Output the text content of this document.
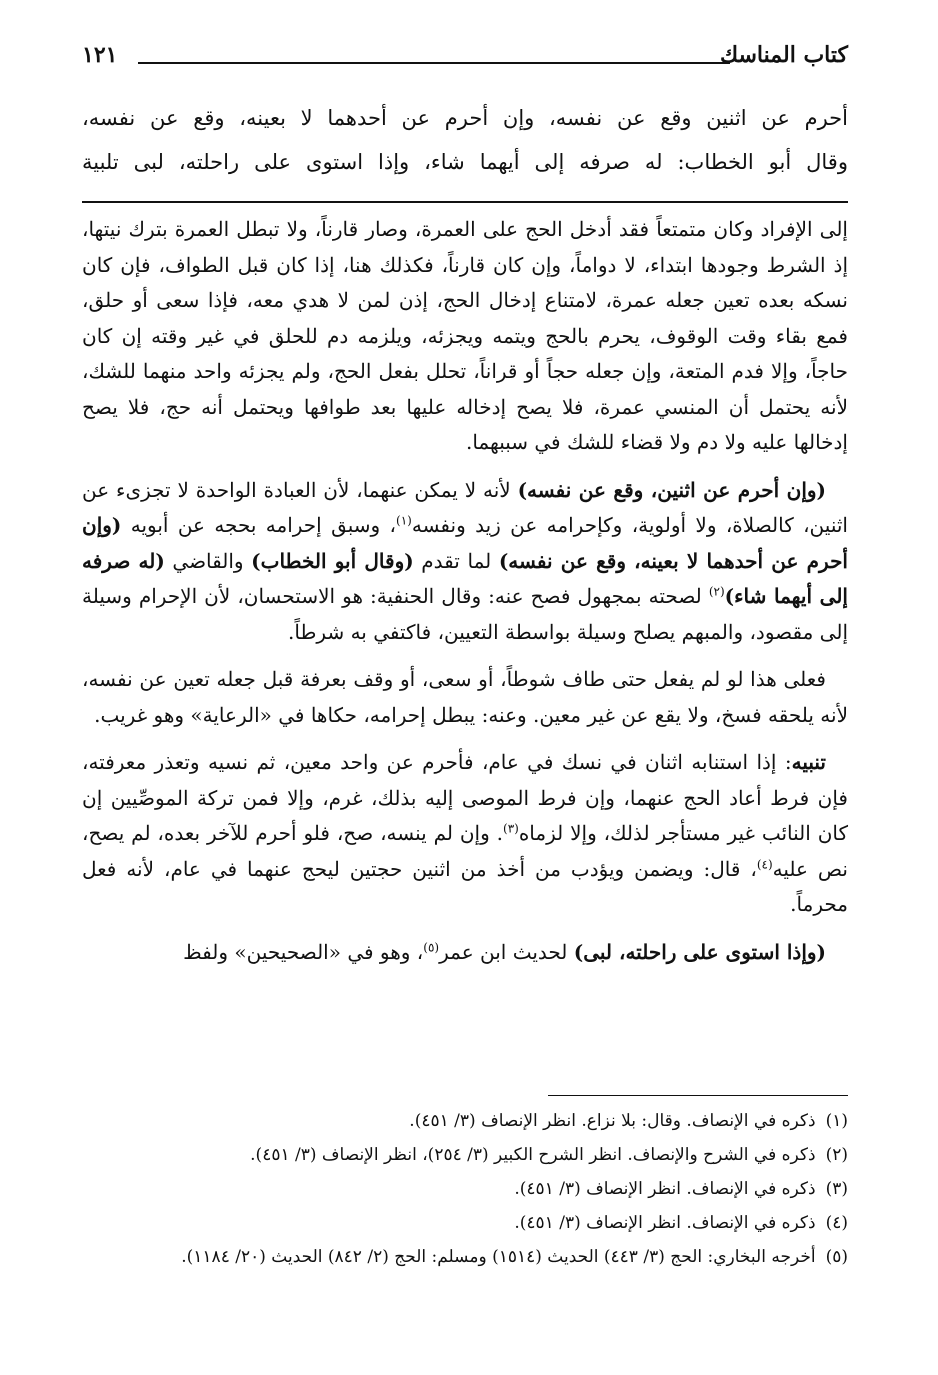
كتاب المناسك
١٢١

أحرم عن اثنين وقع عن نفسه، وإن أحرم عن أحدهما لا بعينه، وقع عن نفسه،

وقال أبو الخطاب: له صرفه إلى أيهما شاء، وإذا استوى على راحلته، لبى تلبية

إلى الإفراد وكان متمتعاً فقد أدخل الحج على العمرة، وصار قارناً، ولا تبطل العمرة بترك نيتها، إذ الشرط وجودها ابتداء، لا دواماً، وإن كان قارناً، فكذلك هنا، إذا كان قبل الطواف، فإن كان نسكه بعده تعين جعله عمرة، لامتناع إدخال الحج، إذن لمن لا هدي معه، فإذا سعى أو حلق، فمع بقاء وقت الوقوف، يحرم بالحج ويتمه ويجزئه، ويلزمه دم للحلق في غير وقته إن كان حاجاً، وإلا فدم المتعة، وإن جعله حجاً أو قراناً، تحلل بفعل الحج، ولم يجزئه واحد منهما للشك، لأنه يحتمل أن المنسي عمرة، فلا يصح إدخاله عليها بعد طوافها ويحتمل أنه حج، فلا يصح إدخالها عليه ولا دم ولا قضاء للشك في سببهما.

(وإن أحرم عن اثنين، وقع عن نفسه) لأنه لا يمكن عنهما، لأن العبادة الواحدة لا تجزىء عن اثنين، كالصلاة، ولا أولوية، وكإحرامه عن زيد ونفسه$^{(١)}$، وسبق إحرامه بحجه عن أبويه (وإن أحرم عن أحدهما لا بعينه، وقع عن نفسه) لما تقدم (وقال أبو الخطاب) والقاضي (له صرفه إلى أيهما شاء)$^{(٢)}$ لصحته بمجهول فصح عنه: وقال الحنفية: هو الاستحسان، لأن الإحرام وسيلة إلى مقصود، والمبهم يصلح وسيلة بواسطة التعيين، فاكتفي به شرطاً.

فعلى هذا لو لم يفعل حتى طاف شوطاً، أو سعى، أو وقف بعرفة قبل جعله تعين عن نفسه، لأنه يلحقه فسخ، ولا يقع عن غير معين. وعنه: يبطل إحرامه، حكاها في «الرعاية» وهو غريب.

تنبيه: إذا استنابه اثنان في نسك في عام، فأحرم عن واحد معين، ثم نسيه وتعذر معرفته، فإن فرط أعاد الحج عنهما، وإن فرط الموصى إليه بذلك، غرم، وإلا فمن تركة الموصِّيين إن كان النائب غير مستأجر لذلك، وإلا لزماه$^{(٣)}$. وإن لم ينسه، صح، فلو أحرم للآخر بعده، لم يصح، نص عليه$^{(٤)}$، قال: ويضمن ويؤدب من أخذ من اثنين حجتين ليحج عنهما في عام، لأنه فعل محرماً.

(وإذا استوى على راحلته، لبى) لحديث ابن عمر$^{(٥)}$، وهو في «الصحيحين» ولفظ

(١)
ذكره في الإنصاف. وقال: بلا نزاع. انظر الإنصاف (٣/ ٤٥١).
(٢)
ذكره في الشرح والإنصاف. انظر الشرح الكبير (٣/ ٢٥٤)، انظر الإنصاف (٣/ ٤٥١).
(٣)
ذكره في الإنصاف. انظر الإنصاف (٣/ ٤٥١).
(٤)
ذكره في الإنصاف. انظر الإنصاف (٣/ ٤٥١).
(٥)
أخرجه البخاري: الحج (٣/ ٤٤٣) الحديث (١٥١٤) ومسلم: الحج (٢/ ٨٤٢) الحديث (٢٠/ ١١٨٤).
